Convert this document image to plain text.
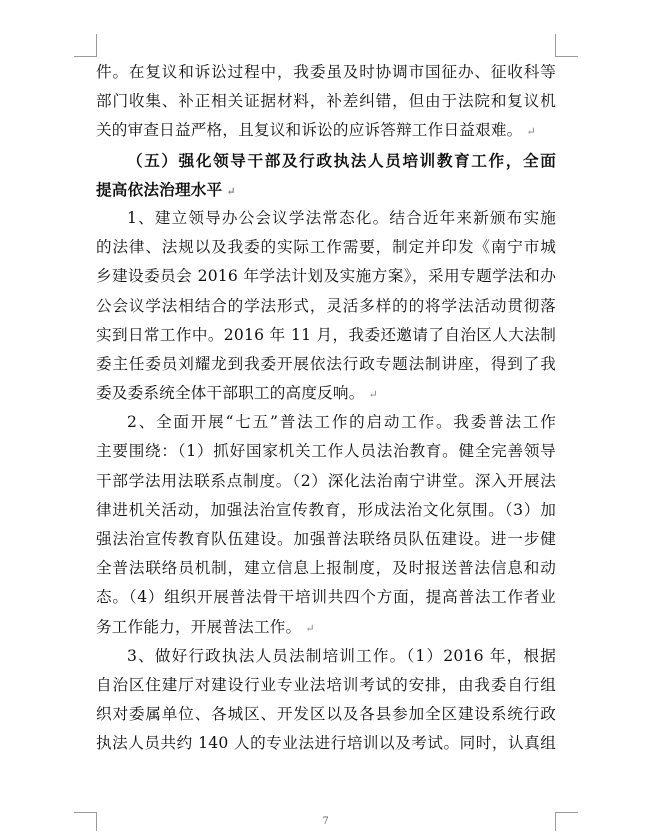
件。在复议和诉讼过程中，我委虽及时协调市国征办、征收科等
部门收集、补正相关证据材料，补差纠错，但由于法院和复议机
关的审查日益严格，且复议和诉讼的应诉答辩工作日益艰难。 ↵
（五）强化领导干部及行政执法人员培训教育工作，全面
提高依法治理水平 ↵
1、建立领导办公会议学法常态化。结合近年来新颁布实施
的法律、法规以及我委的实际工作需要，制定并印发《南宁市城
乡建设委员会 2016 年学法计划及实施方案》，采用专题学法和办
公会议学法相结合的学法形式，灵活多样的的将学法活动贯彻落
实到日常工作中。2016 年 11 月，我委还邀请了自治区人大法制
委主任委员刘耀龙到我委开展依法行政专题法制讲座，得到了我
委及委系统全体干部职工的高度反响。 ↵
2、全面开展“七五”普法工作的启动工作。我委普法工作
主要围绕：（1）抓好国家机关工作人员法治教育。健全完善领导
干部学法用法联系点制度。（2）深化法治南宁讲堂。深入开展法
律进机关活动，加强法治宣传教育，形成法治文化氛围。（3）加
强法治宣传教育队伍建设。加强普法联络员队伍建设。进一步健
全普法联络员机制，建立信息上报制度，及时报送普法信息和动
态。（4）组织开展普法骨干培训共四个方面，提高普法工作者业
务工作能力，开展普法工作。 ↵
3、做好行政执法人员法制培训工作。（1）2016 年，根据
自治区住建厅对建设行业专业法培训考试的安排，由我委自行组
织对委属单位、各城区、开发区以及各县参加全区建设系统行政
执法人员共约 140 人的专业法进行培训以及考试。同时，认真组
7
